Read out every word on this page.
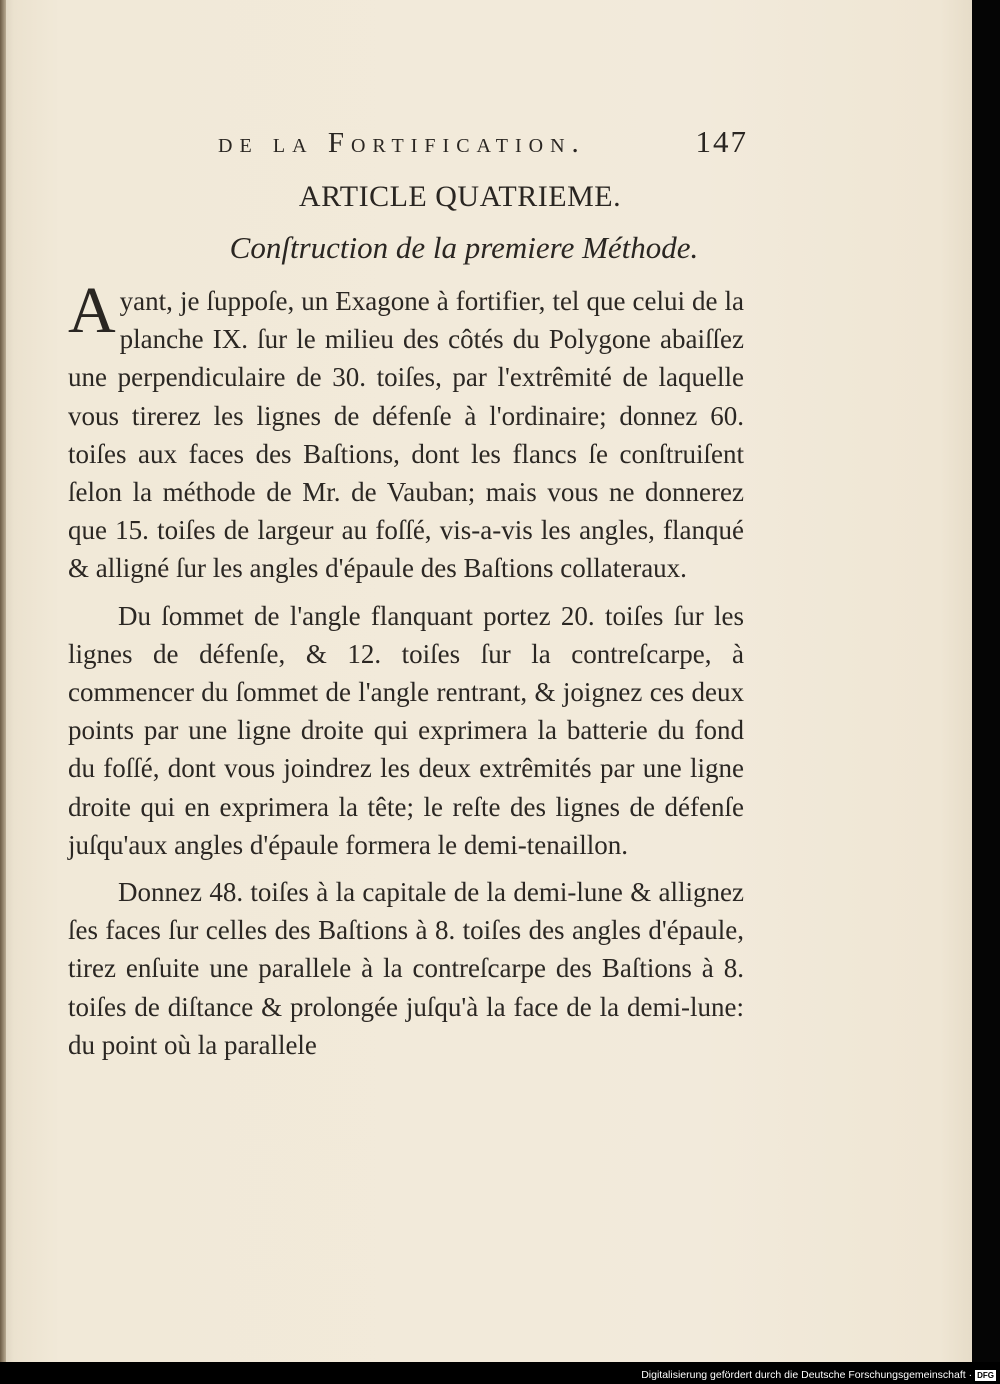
de la Fortification.	147
ARTICLE QUATRIEME.
Conſtruction de la premiere Méthode.

Ayant, je ſuppoſe, un Exagone à fortifier, tel que celui de la planche IX. ſur le milieu des côtés du Polygone abaiſſez une perpendiculaire de 30. toiſes, par l'extrêmité de laquelle vous tirerez les lignes de défenſe à l'ordinaire; donnez 60. toiſes aux faces des Baſtions, dont les flancs ſe conſtruiſent ſelon la méthode de Mr. de Vauban; mais vous ne donnerez que 15. toiſes de largeur au foſſé, vis-a-vis les angles, flanqué & alligné ſur les angles d'épaule des Baſtions collateraux.

Du ſommet de l'angle flanquant portez 20. toiſes ſur les lignes de défenſe, & 12. toiſes ſur la contreſcarpe, à commencer du ſommet de l'angle rentrant, & joignez ces deux points par une ligne droite qui exprimera la batterie du fond du foſſé, dont vous joindrez les deux extrêmités par une ligne droite qui en exprimera la tête; le reſte des lignes de défenſe juſqu'aux angles d'épaule formera le demi-tenaillon.

Donnez 48. toiſes à la capitale de la demi-lune & allignez ſes faces ſur celles des Baſtions à 8. toiſes des angles d'épaule, tirez enſuite une parallele à la contreſcarpe des Baſtions à 8. toiſes de diſtance & prolongée juſqu'à la face de la demi-lune: du point où la parallele

Digitalisierung gefördert durch die Deutsche Forschungsgemeinschaft · DFG
